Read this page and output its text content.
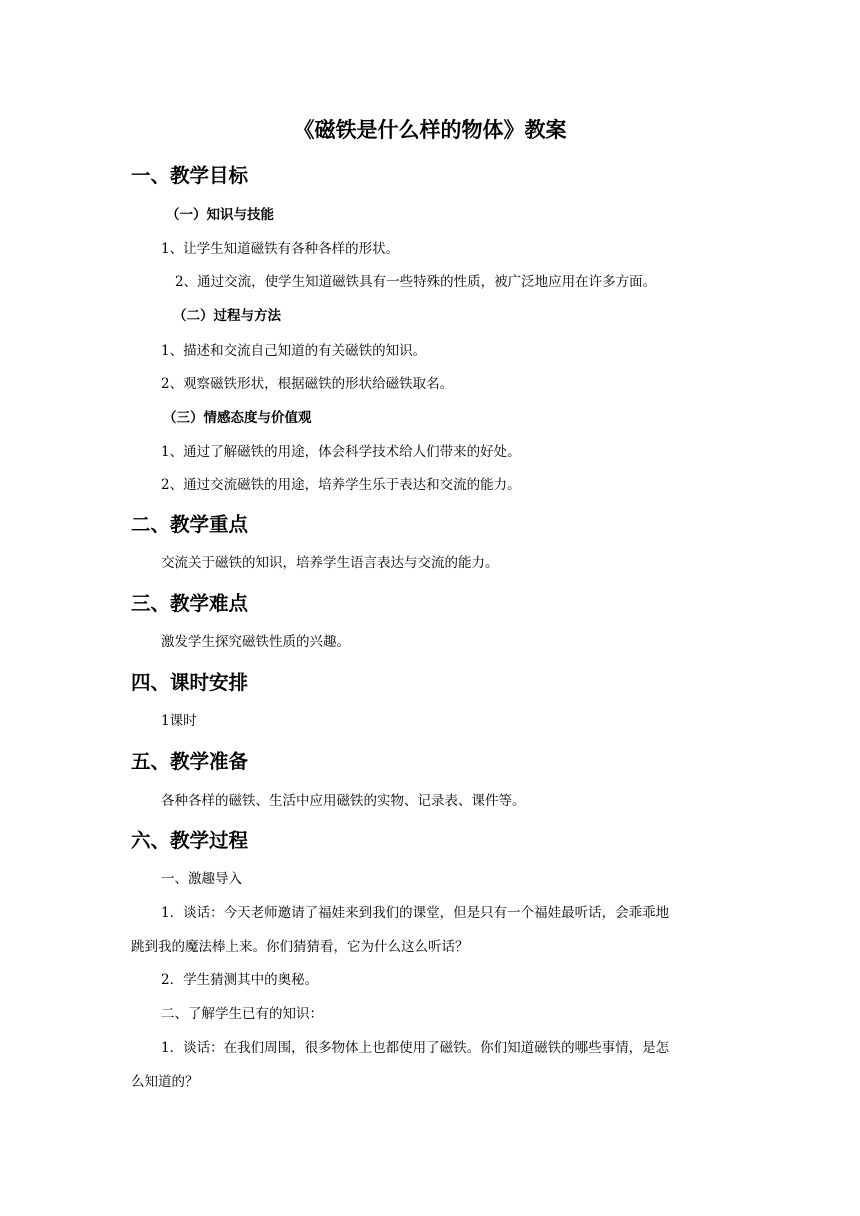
《磁铁是什么样的物体》教案
一、教学目标
（一）知识与技能
1、让学生知道磁铁有各种各样的形状。
2、通过交流，使学生知道磁铁具有一些特殊的性质，被广泛地应用在许多方面。
（二）过程与方法
1、描述和交流自己知道的有关磁铁的知识。
2、观察磁铁形状，根据磁铁的形状给磁铁取名。
（三）情感态度与价值观
1、通过了解磁铁的用途，体会科学技术给人们带来的好处。
2、通过交流磁铁的用途，培养学生乐于表达和交流的能力。
二、教学重点
交流关于磁铁的知识，培养学生语言表达与交流的能力。
三、教学难点
激发学生探究磁铁性质的兴趣。
四、课时安排
1课时
五、教学准备
各种各样的磁铁、生活中应用磁铁的实物、记录表、课件等。
六、教学过程
一、激趣导入
1．谈话：今天老师邀请了福娃来到我们的课堂，但是只有一个福娃最听话，会乖乖地
跳到我的魔法棒上来。你们猜猜看，它为什么这么听话？
2．学生猜测其中的奥秘。
二、了解学生已有的知识：
1．谈话：在我们周围，很多物体上也都使用了磁铁。你们知道磁铁的哪些事情，是怎
么知道的？
